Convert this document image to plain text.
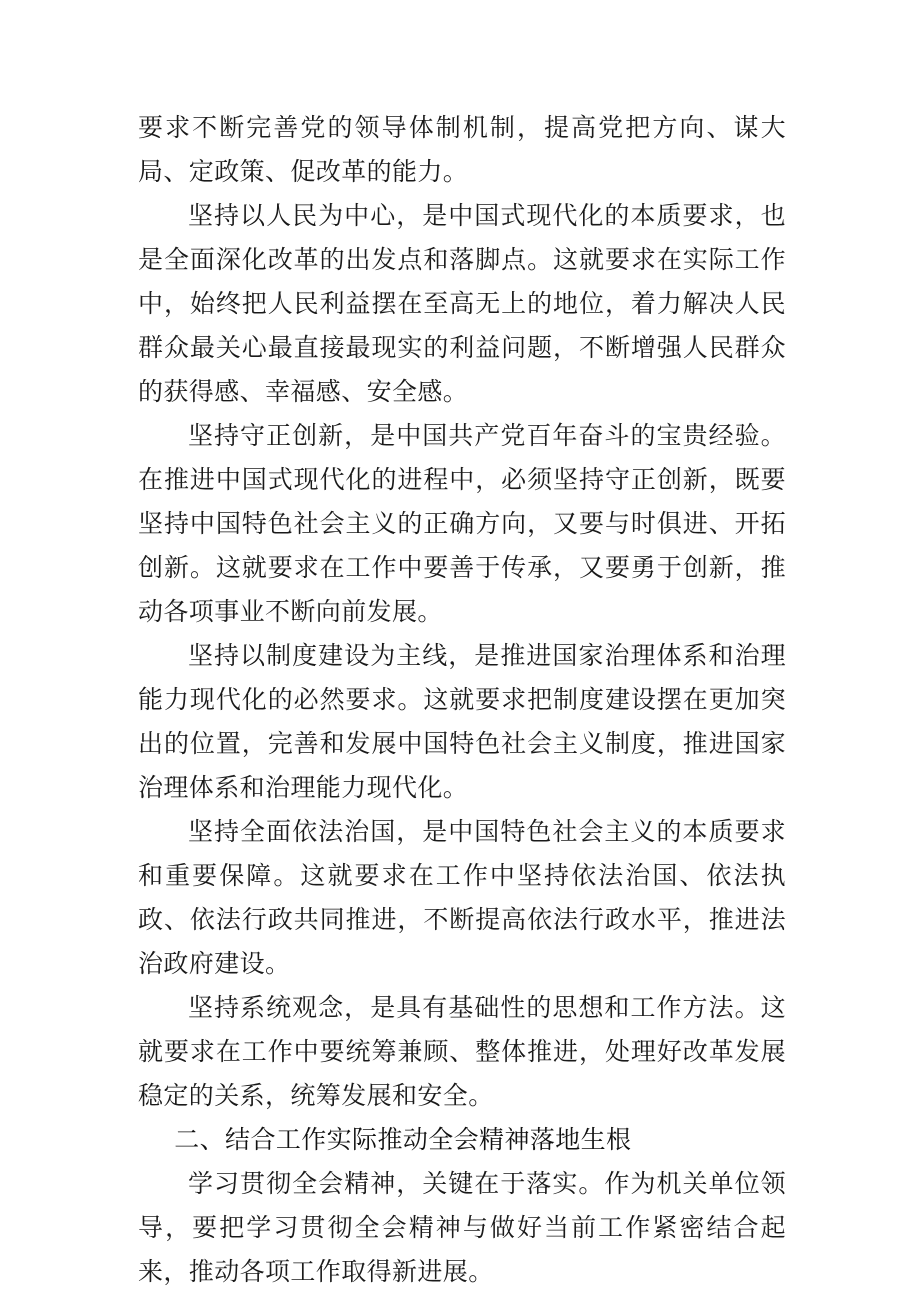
要求不断完善党的领导体制机制，提高党把方向、谋大局、定政策、促改革的能力。

坚持以人民为中心，是中国式现代化的本质要求，也是全面深化改革的出发点和落脚点。这就要求在实际工作中，始终把人民利益摆在至高无上的地位，着力解决人民群众最关心最直接最现实的利益问题，不断增强人民群众的获得感、幸福感、安全感。

坚持守正创新，是中国共产党百年奋斗的宝贵经验。在推进中国式现代化的进程中，必须坚持守正创新，既要坚持中国特色社会主义的正确方向，又要与时俱进、开拓创新。这就要求在工作中要善于传承，又要勇于创新，推动各项事业不断向前发展。

坚持以制度建设为主线，是推进国家治理体系和治理能力现代化的必然要求。这就要求把制度建设摆在更加突出的位置，完善和发展中国特色社会主义制度，推进国家治理体系和治理能力现代化。

坚持全面依法治国，是中国特色社会主义的本质要求和重要保障。这就要求在工作中坚持依法治国、依法执政、依法行政共同推进，不断提高依法行政水平，推进法治政府建设。

坚持系统观念，是具有基础性的思想和工作方法。这就要求在工作中要统筹兼顾、整体推进，处理好改革发展稳定的关系，统筹发展和安全。

二、结合工作实际推动全会精神落地生根

学习贯彻全会精神，关键在于落实。作为机关单位领导，要把学习贯彻全会精神与做好当前工作紧密结合起来，推动各项工作取得新进展。
